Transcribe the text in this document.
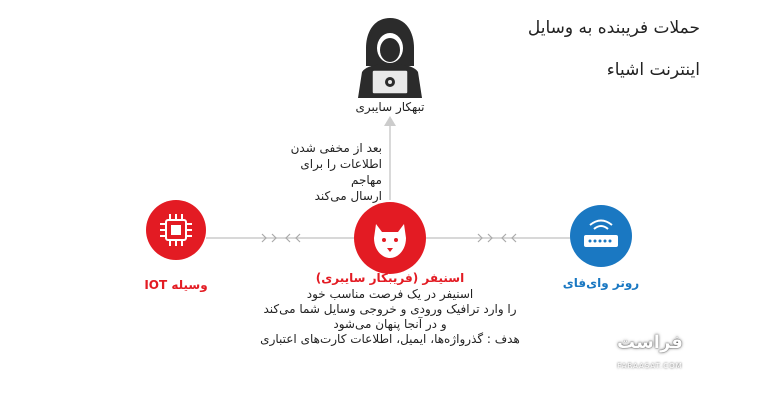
حملات فریبنده به وسایل
اینترنت اشیاء
تبهکار سایبری
بعد از مخفی شدن
اطلاعات را برای مهاجم
ارسال می‌کند
وسیله IOT	اسنیفر (فریبکار سایبری)
اسنیفر در یک فرصت مناسب خود
را وارد ترافیک ورودی و خروجی وسایل شما می‌کند
و در آنجا پنهان می‌شود
هدف : گذرواژه‌ها، ایمیل، اطلاعات کارت‌های اعتباری
روتر وای‌فای
فراست
FARAASAT.COM
